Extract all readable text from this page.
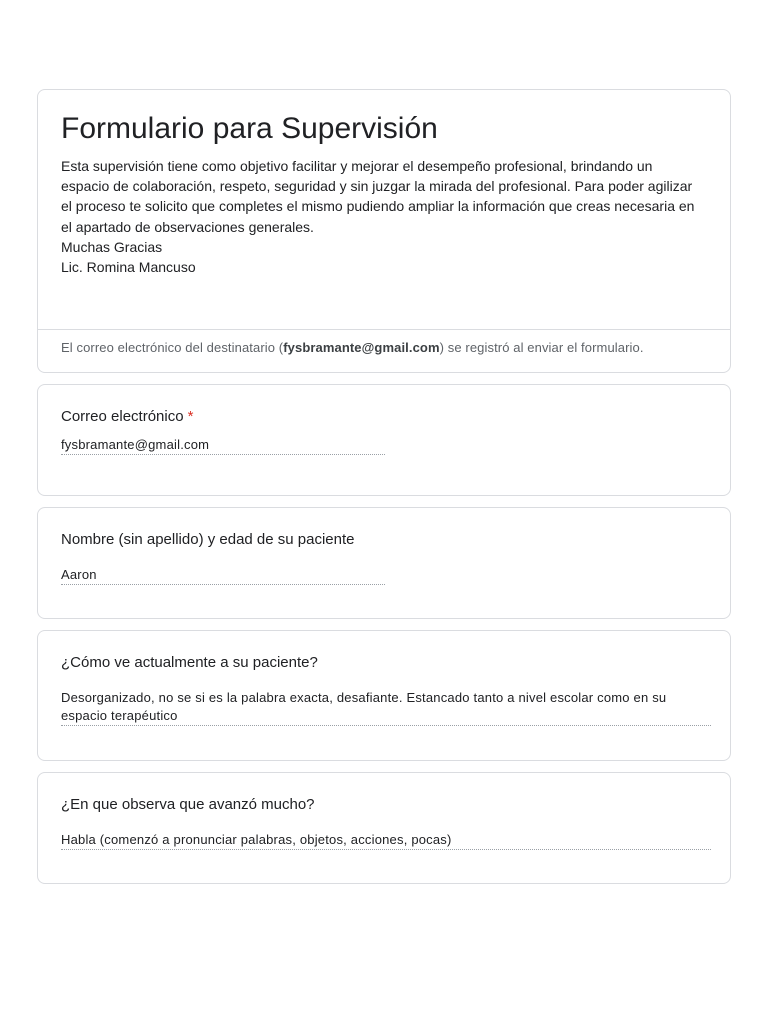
Formulario para Supervisión
Esta supervisión tiene como objetivo facilitar y mejorar el desempeño profesional, brindando un
espacio de colaboración, respeto, seguridad y sin juzgar la mirada del profesional. Para poder agilizar
el proceso te solicito que completes el mismo pudiendo ampliar la información que creas necesaria en
el apartado de observaciones generales.
Muchas Gracias
Lic. Romina Mancuso
El correo electrónico del destinatario (fysbramante@gmail.com) se registró al enviar el formulario.
Correo electrónico *
fysbramante@gmail.com
Nombre (sin apellido) y edad de su paciente
Aaron
¿Cómo ve actualmente a su paciente?
Desorganizado, no se si es la palabra exacta, desafiante. Estancado tanto a nivel escolar como en su espacio terapéutico
¿En que observa que avanzó mucho?
Habla (comenzó a pronunciar palabras, objetos, acciones, pocas)
